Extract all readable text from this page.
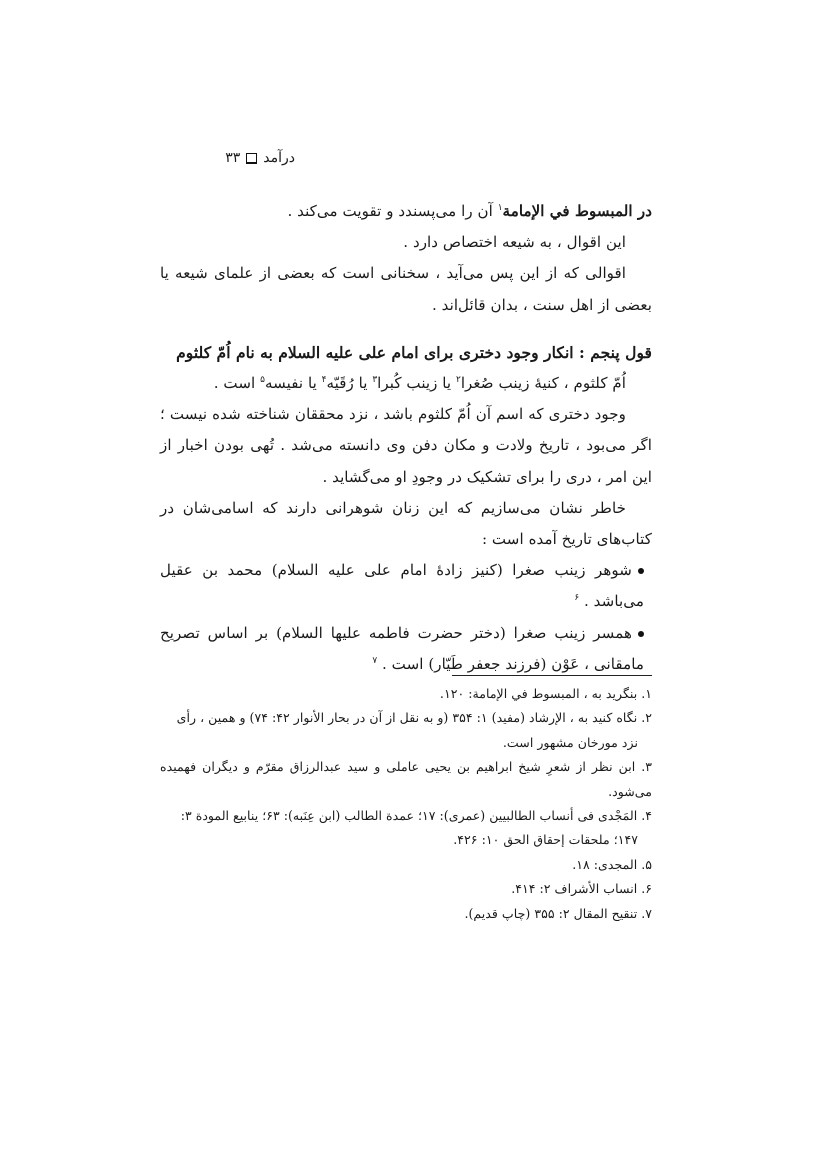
درآمد
۳۳

در المبسوط في الإمامة$^۱$ آن را می‌پسندد و تقویت می‌کند .

این اقوال ، به شیعه اختصاص دارد .

اقوالی که از این پس می‌آید ، سخنانی است که بعضی از علمای شیعه یا بعضی از اهل سنت ، بدان قائل‌اند .

قول پنجم : انکار وجود دختری برای امام علی علیه السلام به نام اُمّ کلثوم

اُمّ کلثوم ، کنیهٔ زینب صُغرا$^۲$ یا زینب کُبرا$^۳$ یا رُقَیّه$^۴$ یا نفیسه$^۵$ است .

وجود دختری که اسم آن اُمّ کلثوم باشد ، نزد محققان شناخته شده نیست ؛ اگر می‌بود ، تاریخ ولادت و مکان دفن وی دانسته می‌شد . تُهی بودن اخبار از این امر ، دری را برای تشکیک در وجودِ او می‌گشاید .

خاطر نشان می‌سازیم که این زنان شوهرانی دارند که اسامی‌شان در کتاب‌های تاریخ آمده است :

شوهر زینب صغرا (کنیز زادهٔ امام علی علیه السلام) محمد بن عقیل می‌باشد . $^۶$

همسر زینب صغرا (دختر حضرت فاطمه علیها السلام) بر اساس تصریح مامقانی ، عَوْن (فرزند جعفر طَیّار) است . $^۷$

۱. بنگرید به ، المبسوط في الإمامة: ۱۲۰.

۲. نگاه کنید به ، الإرشاد (مفید) ۱: ۳۵۴ (و به نقل از آن در بحار الأنوار ۴۲: ۷۴) و همین ، رأی

نزد مورخان مشهور است.

۳. ابن نظر از شعرِ شیخ ابراهیم بن یحیی عاملی و سید عبدالرزاق مقرّم و دیگران فهمیده می‌شود.

۴. المَجْدی فی أنساب الطالبیین (عمری): ۱۷؛ عمدة الطالب (ابن عِنَبه): ۶۳؛ ینابیع المودة ۳:

۱۴۷؛ ملحقات إحقاق الحق ۱۰: ۴۲۶.

۵. المجدی: ۱۸.

۶. انساب الأشراف ۲: ۴۱۴.

۷. تنقیح المقال ۲: ۳۵۵ (چاپ قدیم).
